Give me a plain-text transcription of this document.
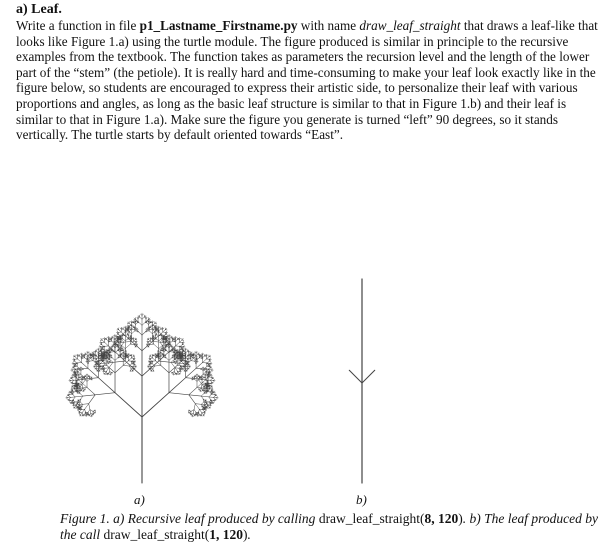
a) Leaf.
Write a function in file p1_Lastname_Firstname.py with name draw_leaf_straight that draws a leaf-like that looks like Figure 1.a) using the turtle module. The figure produced is similar in principle to the recursive examples from the textbook. The function takes as parameters the recursion level and the length of the lower part of the “stem” (the petiole). It is really hard and time-consuming to make your leaf look exactly like in the figure below, so students are encouraged to express their artistic side, to personalize their leaf with various proportions and angles, as long as the basic leaf structure is similar to that in Figure 1.b) and their leaf is similar to that in Figure 1.a). Make sure the figure you generate is turned “left” 90 degrees, so it stands vertically. The turtle starts by default oriented towards “East”.
a)	b)
Figure 1. a) Recursive leaf produced by calling draw_leaf_straight(8, 120). b) The leaf produced by the call draw_leaf_straight(1, 120).
